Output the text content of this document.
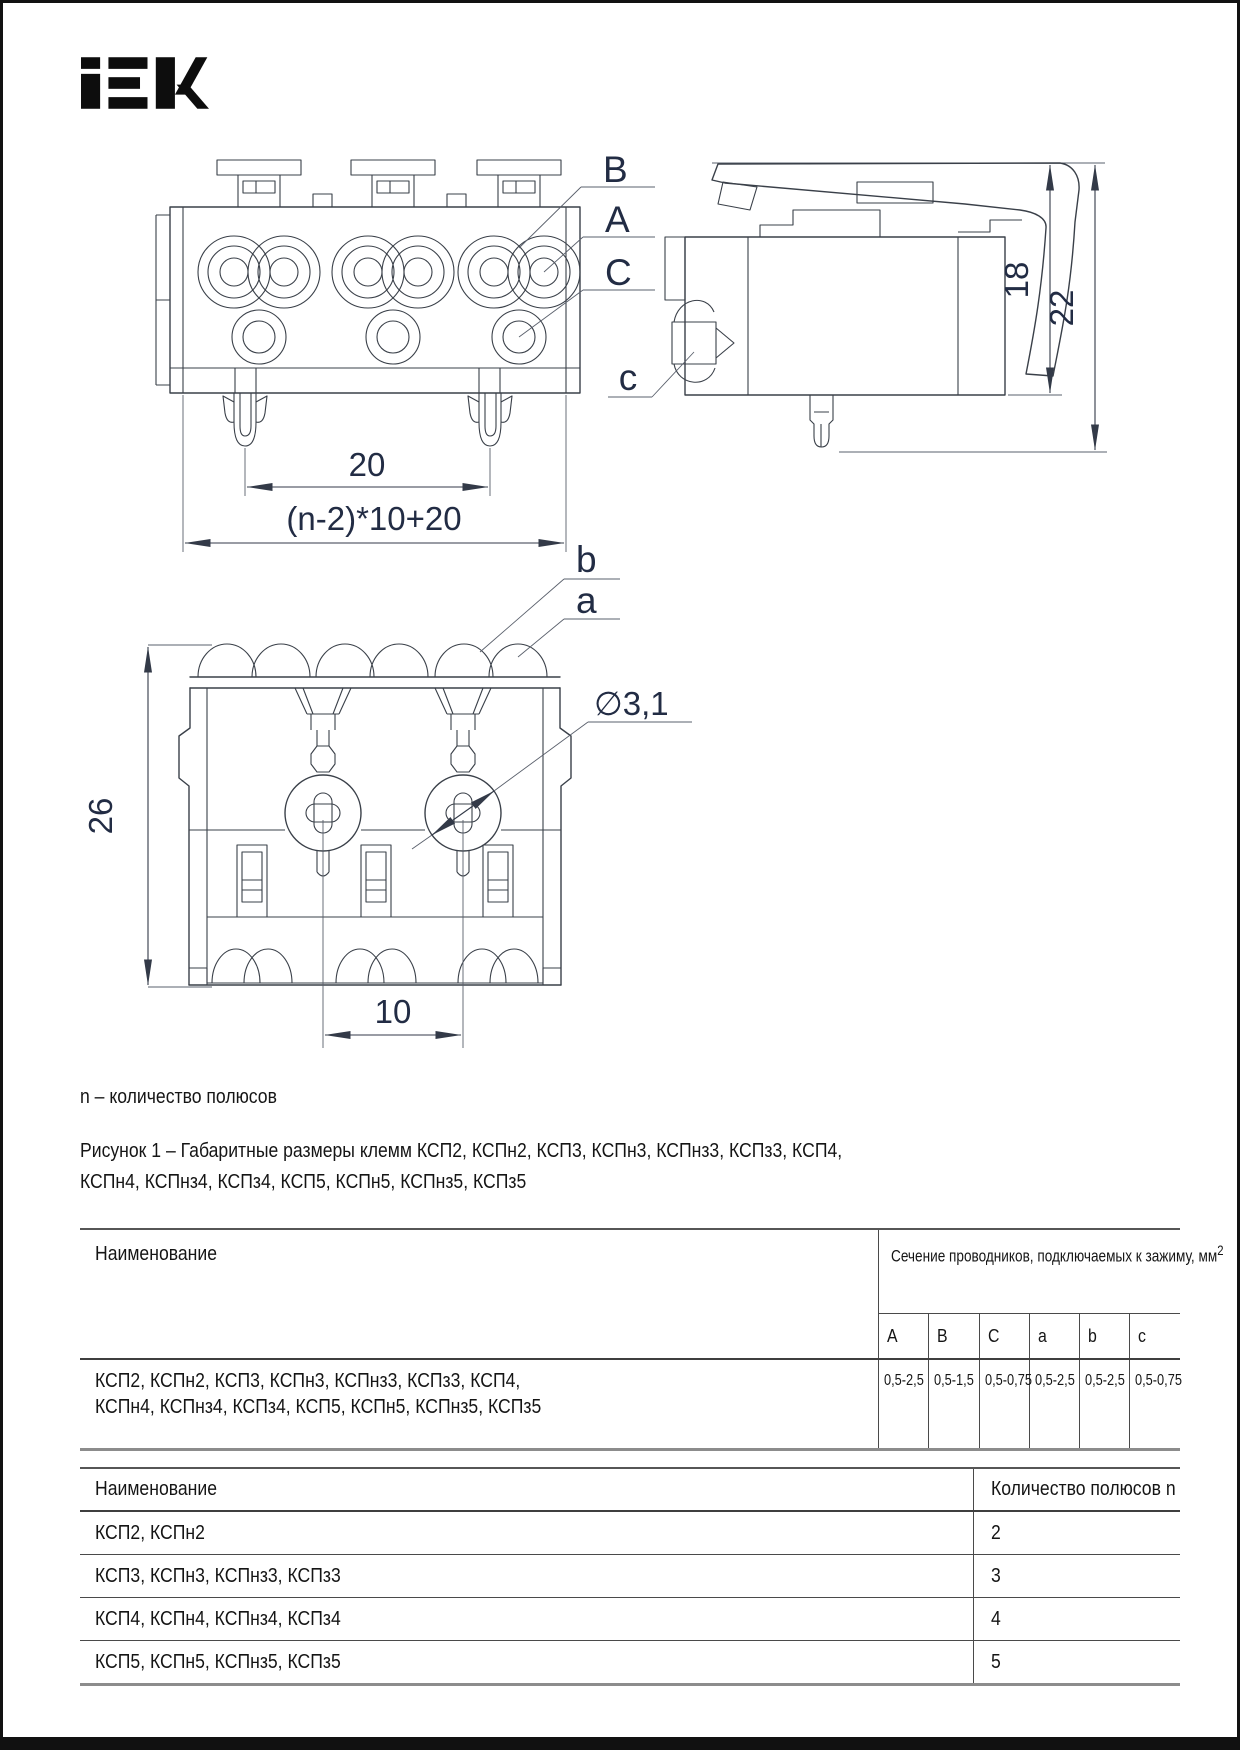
20
(n-2)*10+20
B
A
C	18
22
c
26
b
a
∅3,1
10
n – количество полюсов
Рисунок 1 – Габаритные размеры клемм КСП2, КСПн2, КСП3, КСПн3, КСПнз3, КСПз3, КСП4,
КСПн4, КСПнз4, КСПз4, КСП5, КСПн5, КСПнз5, КСПз5
Наименование	Сечение проводников, подключаемых к зажиму, $мм^2$
	A	B	C	a	b	c

КСП2, КСПн2, КСП3, КСПн3, КСПнз3, КСПз3, КСП4,
КСПн4, КСПнз4, КСПз4, КСП5, КСПн5, КСПнз5, КСПз5	0,5-2,5	0,5-1,5	0,5-0,75	0,5-2,5	0,5-2,5	0,5-0,75
Наименование	Количество полюсов n
КСП2, КСПн2	2
КСП3, КСПн3, КСПнз3, КСПз3	3
КСП4, КСПн4, КСПнз4, КСПз4	4
КСП5, КСПн5, КСПнз5, КСПз5	5
